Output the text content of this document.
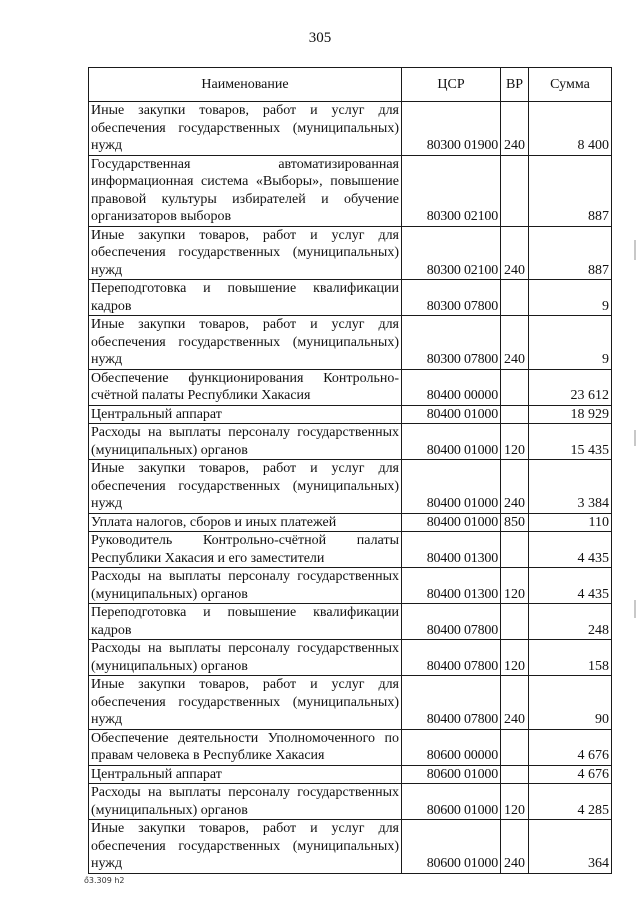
305
Наименование	ЦСР	ВР	Сумма
Иные закупки товаров, работ и услуг для обеспечения государственных (муниципальных) нужд	80300 01900	240	8 400
Государственная автоматизированная информационная система «Выборы», повышение правовой культуры избирателей и обучение организаторов выборов	80300 02100		887
Иные закупки товаров, работ и услуг для обеспечения государственных (муниципальных) нужд	80300 02100	240	887
Переподготовка и повышение квалификации кадров	80300 07800		9
Иные закупки товаров, работ и услуг для обеспечения государственных (муниципальных) нужд	80300 07800	240	9
Обеспечение функционирования Контрольно-счётной палаты Республики Хакасия	80400 00000		23 612
Центральный аппарат	80400 01000		18 929
Расходы на выплаты персоналу государственных (муниципальных) органов	80400 01000	120	15 435
Иные закупки товаров, работ и услуг для обеспечения государственных (муниципальных) нужд	80400 01000	240	3 384
Уплата налогов, сборов и иных платежей	80400 01000	850	110
Руководитель Контрольно-счётной палаты Республики Хакасия и его заместители	80400 01300		4 435
Расходы на выплаты персоналу государственных (муниципальных) органов	80400 01300	120	4 435
Переподготовка и повышение квалификации кадров	80400 07800		248
Расходы на выплаты персоналу государственных (муниципальных) органов	80400 07800	120	158
Иные закупки товаров, работ и услуг для обеспечения государственных (муниципальных) нужд	80400 07800	240	90
Обеспечение деятельности Уполномоченного по правам человека в Республике Хакасия	80600 00000		4 676
Центральный аппарат	80600 01000		4 676
Расходы на выплаты персоналу государственных (муниципальных) органов	80600 01000	120	4 285
Иные закупки товаров, работ и услуг для обеспечения государственных (муниципальных) нужд	80600 01000	240	364
ő3.309 h2
